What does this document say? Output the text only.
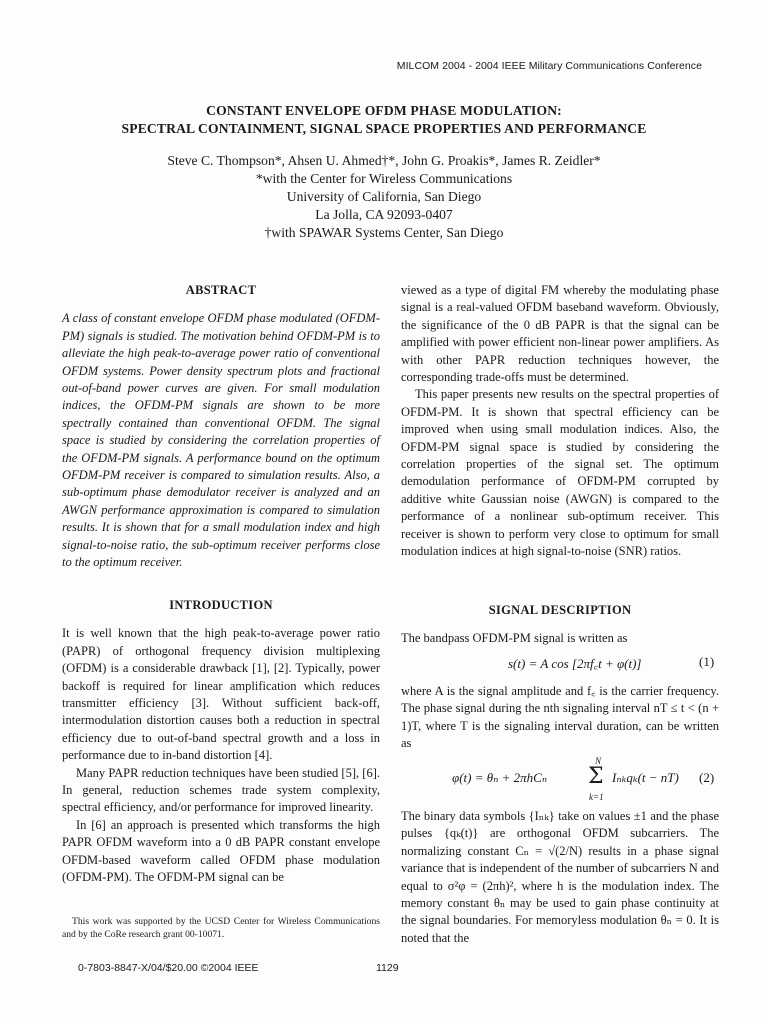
MILCOM 2004 - 2004 IEEE Military Communications Conference
CONSTANT ENVELOPE OFDM PHASE MODULATION:
SPECTRAL CONTAINMENT, SIGNAL SPACE PROPERTIES AND PERFORMANCE
Steve C. Thompson*, Ahsen U. Ahmed†*, John G. Proakis*, James R. Zeidler*
*with the Center for Wireless Communications
University of California, San Diego
La Jolla, CA 92093-0407
†with SPAWAR Systems Center, San Diego
ABSTRACT

A class of constant envelope OFDM phase modulated (OFDM-PM) signals is studied. The motivation behind OFDM-PM is to alleviate the high peak-to-average power ratio of conventional OFDM systems. Power density spectrum plots and fractional out-of-band power curves are given. For small modulation indices, the OFDM-PM signals are shown to be more spectrally contained than conventional OFDM. The signal space is studied by considering the correlation properties of the OFDM-PM signals. A performance bound on the optimum OFDM-PM receiver is compared to simulation results. Also, a sub-optimum phase demodulator receiver is analyzed and an AWGN performance approximation is compared to simulation results. It is shown that for a small modulation index and high signal-to-noise ratio, the sub-optimum receiver performs close to the optimum receiver.

INTRODUCTION

It is well known that the high peak-to-average power ratio (PAPR) of orthogonal frequency division multiplexing (OFDM) is a considerable drawback [1], [2]. Typically, power backoff is required for linear amplification which reduces transmitter efficiency [3]. Without sufficient back-off, intermodulation distortion causes both a reduction in spectral efficiency due to out-of-band spectral growth and a loss in performance due to in-band distortion [4].

Many PAPR reduction techniques have been studied [5], [6]. In general, reduction schemes trade system complexity, spectral efficiency, and/or performance for improved linearity.

In [6] an approach is presented which transforms the high PAPR OFDM waveform into a 0 dB PAPR constant envelope OFDM-based waveform called OFDM phase modulation (OFDM-PM). The OFDM-PM signal can be

This work was supported by the UCSD Center for Wireless Communications and by the CoRe research grant 00-10071.

viewed as a type of digital FM whereby the modulating phase signal is a real-valued OFDM baseband waveform. Obviously, the significance of the 0 dB PAPR is that the signal can be amplified with power efficient non-linear power amplifiers. As with other PAPR reduction techniques however, the corresponding trade-offs must be determined.

This paper presents new results on the spectral properties of OFDM-PM. It is shown that spectral efficiency can be improved when using small modulation indices. Also, the OFDM-PM signal space is studied by considering the correlation properties of the signal set. The optimum demodulation performance of OFDM-PM corrupted by additive white Gaussian noise (AWGN) is compared to the performance of a nonlinear sub-optimum receiver. This receiver is shown to perform very close to optimum for small modulation indices at high signal-to-noise (SNR) ratios.

SIGNAL DESCRIPTION

The bandpass OFDM-PM signal is written as

s(t) = A cos [2πf꜀t + φ(t)]	(1)

where A is the signal amplitude and f꜀ is the carrier frequency. The phase signal during the nth signaling interval nT ≤ t < (n + 1)T, where T is the signaling interval duration, can be written as

φ(t) = θₙ + 2πhCₙ
N
Σ
k=1
Iₙₖqₖ(t − nT) (2)

The binary data symbols {Iₙₖ} take on values ±1 and the phase pulses {qₖ(t)} are orthogonal OFDM subcarriers. The normalizing constant Cₙ = √(2/N) results in a phase signal variance that is independent of the number of subcarriers N and equal to σ²φ = (2πh)², where h is the modulation index. The memory constant θₙ may be used to gain phase continuity at the signal boundaries. For memoryless modulation θₙ = 0. It is noted that the

0-7803-8847-X/04/$20.00 ©2004 IEEE	1129
